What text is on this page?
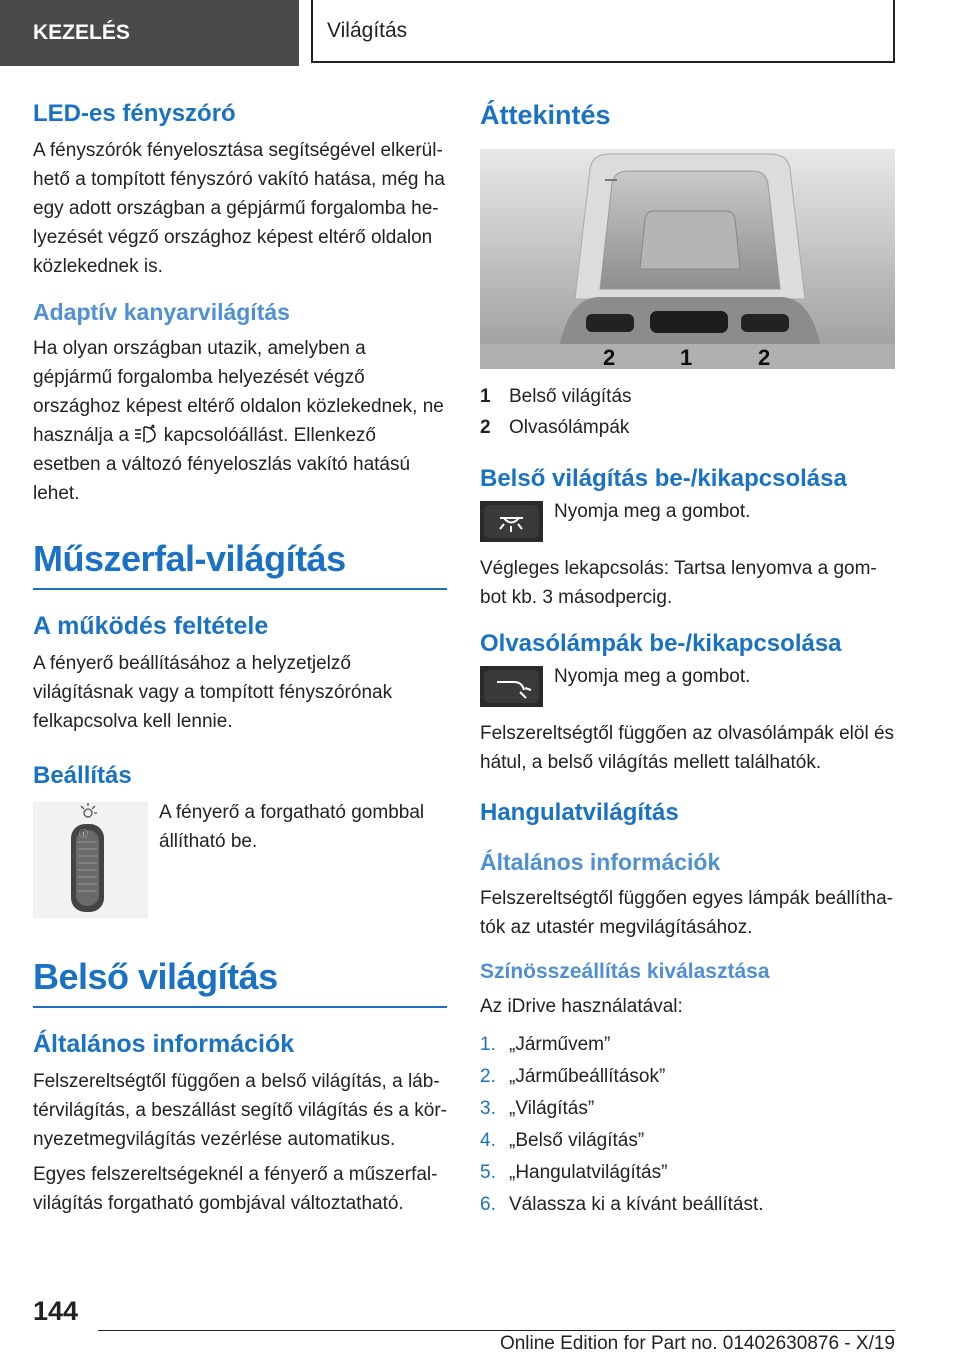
KEZELÉS	Világítás
LED-es fényszóró

A fényszórók fényelosztása segítségével elkerülhető a tompított fényszóró vakító hatása, még ha egy adott országban a gépjármű forgalomba helyezését végző országhoz képest eltérő oldalon közlekednek is.

Adaptív kanyarvilágítás

Ha olyan országban utazik, amelyben a gépjármű forgalomba helyezését végző országhoz képest eltérő oldalon közlekednek, ne használja a kapcsolóállást. Ellenkező esetben a változó fényeloszlás vakító hatású lehet.

Műszerfal-világítás
A működés feltétele

A fényerő beállításához a helyzetjelző világításnak vagy a tompított fényszórónak felkapcsolva kell lennie.

Beállítás
ⓘ

A fényerő a forgatható gombbal állítható be.

Belső világítás
Általános információk

Felszereltségtől függően a belső világítás, a lábtérvilágítás, a beszállást segítő világítás és a környezetmegvilágítás vezérlése automatikus.

Egyes felszereltségeknél a fényerő a műszerfalvilágítás forgatható gombjával változtatható.

Áttekintés
2	1	2
1 Belső világítás
2 Olvasólámpák
Belső világítás be-/kikapcsolása

Nyomja meg a gombot.

Végleges lekapcsolás: Tartsa lenyomva a gombot kb. 3 másodpercig.

Olvasólámpák be-/kikapcsolása

Nyomja meg a gombot.

Felszereltségtől függően az olvasólámpák elöl és hátul, a belső világítás mellett találhatók.

Hangulatvilágítás
Általános információk

Felszereltségtől függően egyes lámpák beállíthatók az utastér megvilágításához.

Színösszeállítás kiválasztása

Az iDrive használatával:

1. „Járművem”
2. „Járműbeállítások”
3. „Világítás”
4. „Belső világítás”
5. „Hangulatvilágítás”
6. Válassza ki a kívánt beállítást.
144
Online Edition for Part no. 01402630876 - X/19
